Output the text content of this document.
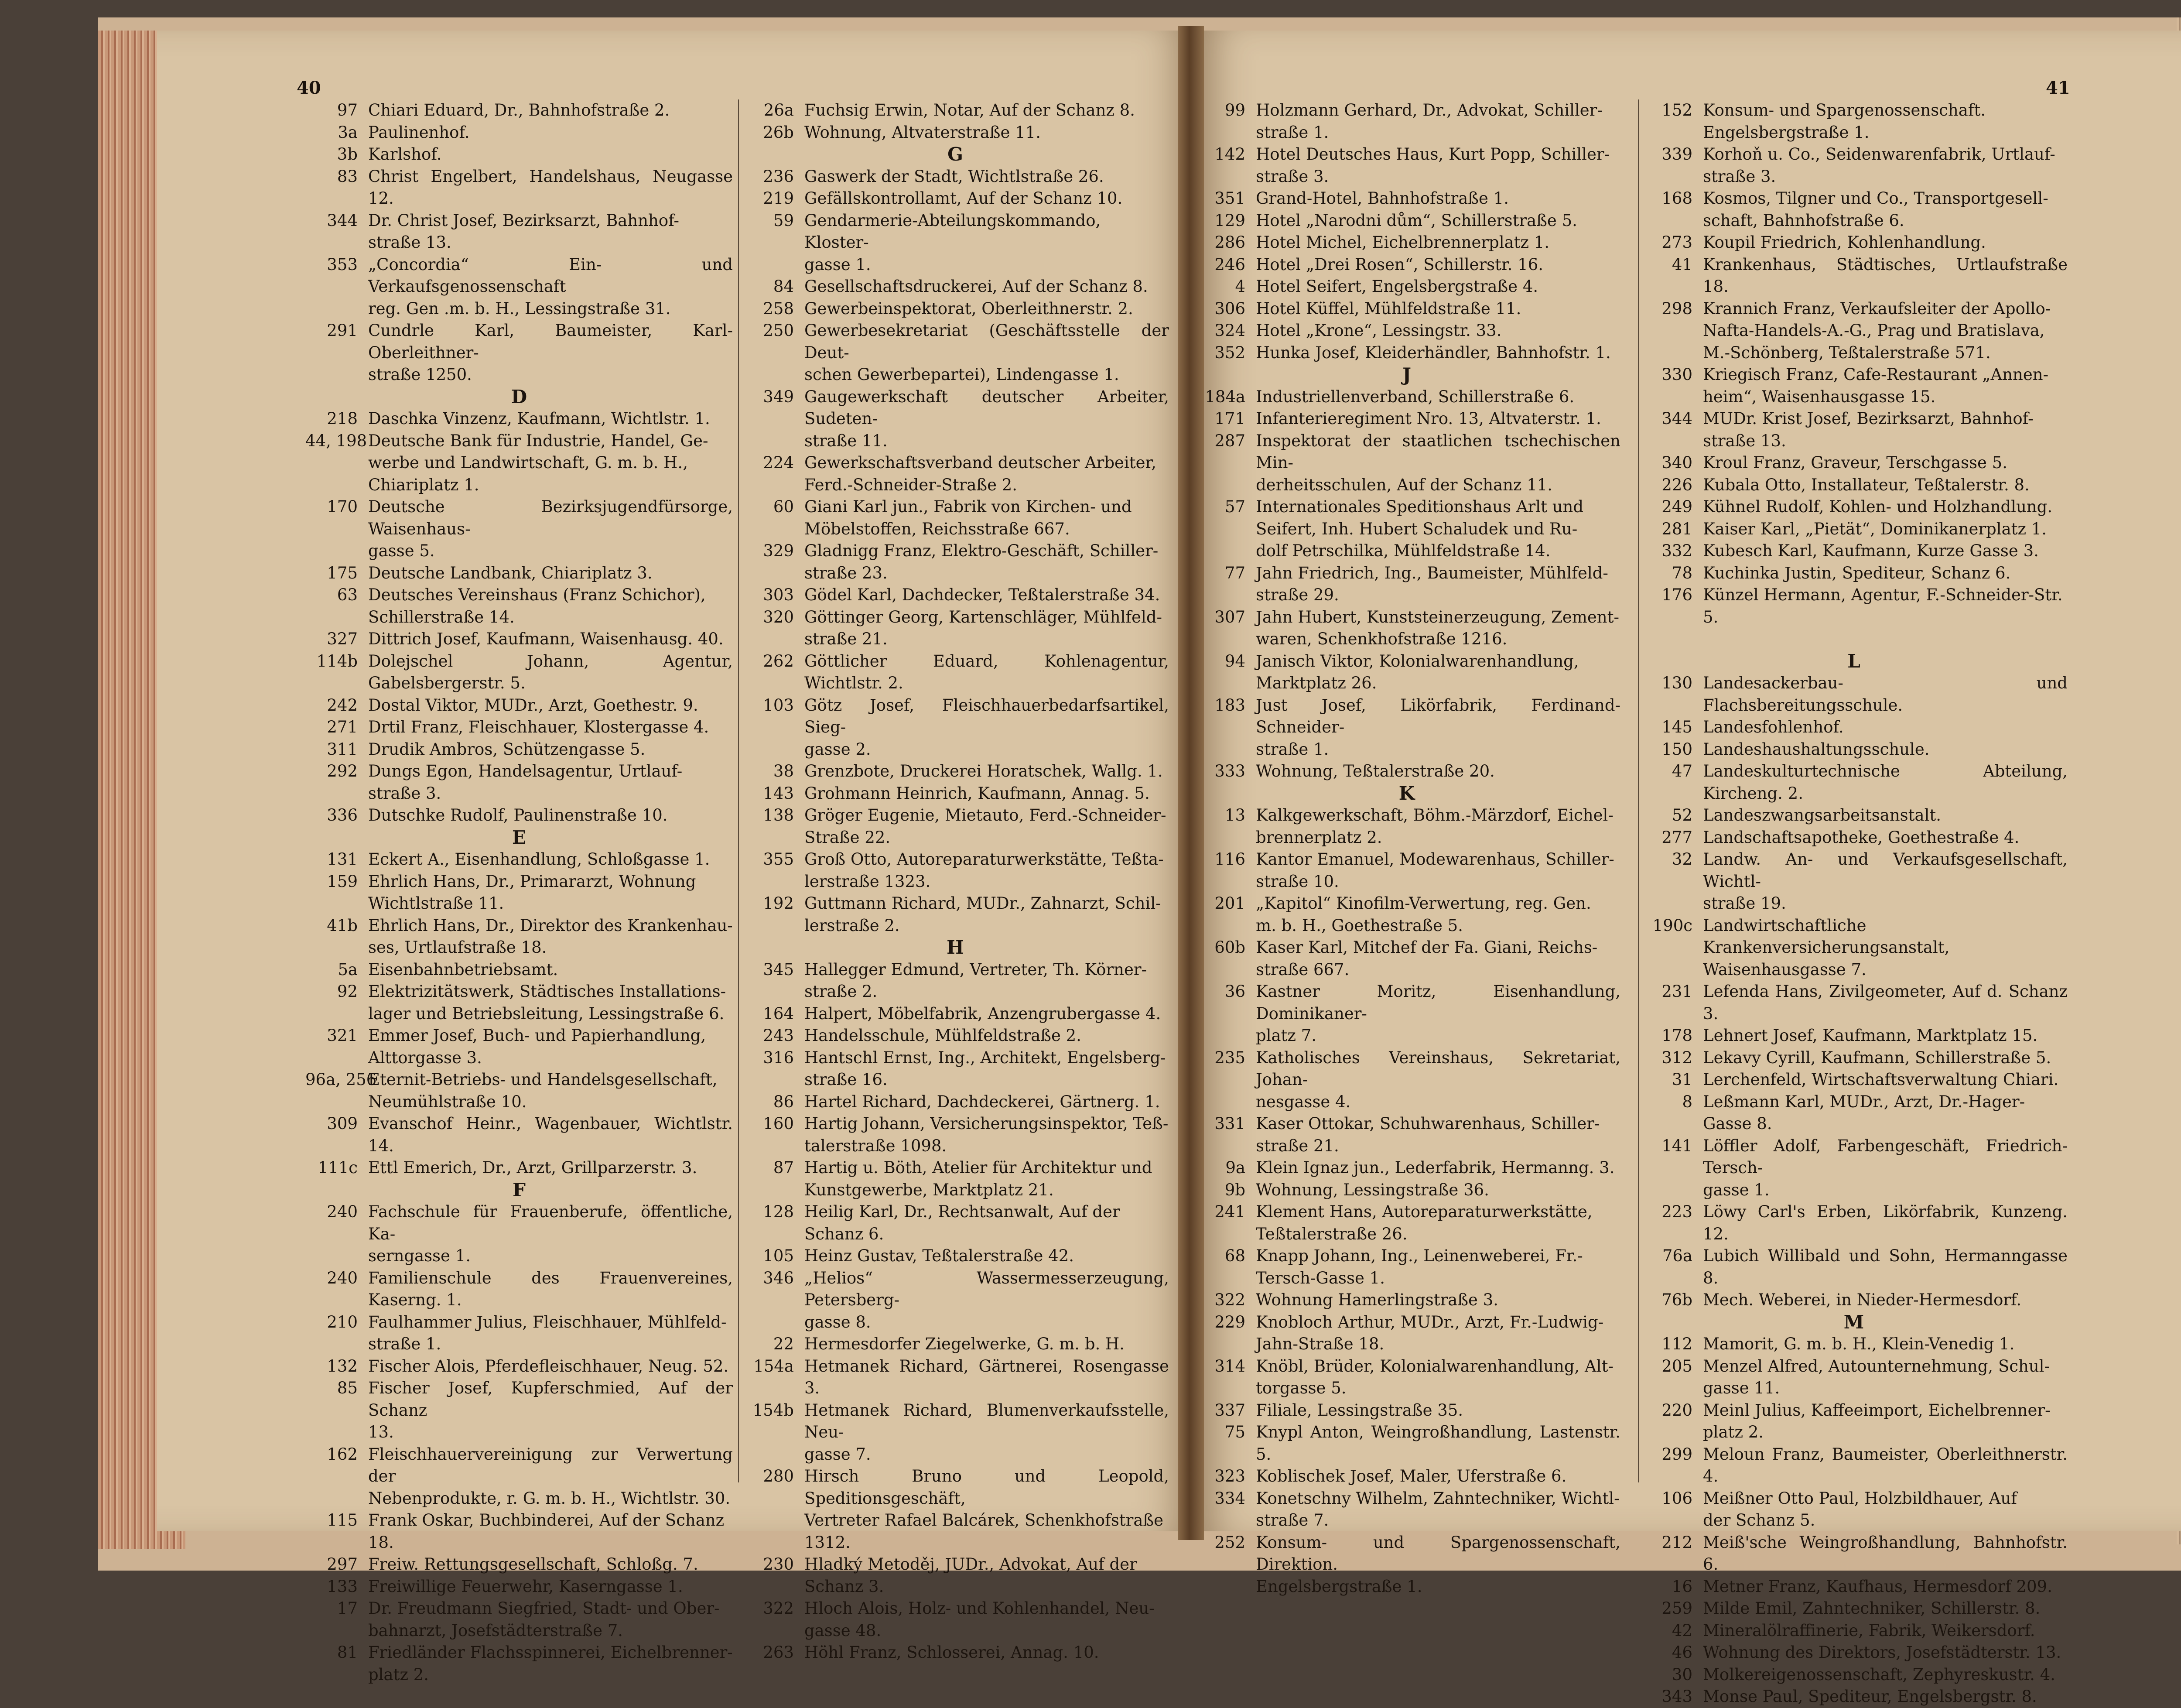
40	41
97 Chiari Eduard, Dr., Bahnhofstraße 2.
3a Paulinenhof.
3b Karlshof.
83 Christ Engelbert, Handelshaus, Neugasse 12.
344 Dr. Christ Josef, Bezirksarzt, Bahnhof-
straße 13.
353 „Concordia“ Ein- und Verkaufsgenossenschaft
reg. Gen .m. b. H., Lessingstraße 31.
291 Cundrle Karl, Baumeister, Karl-Oberleithner-
straße 1250.
D
218 Daschka Vinzenz, Kaufmann, Wichtlstr. 1.
44, 198 Deutsche Bank für Industrie, Handel, Ge-
werbe und Landwirtschaft, G. m. b. H.,
Chiariplatz 1.
170 Deutsche Bezirksjugendfürsorge, Waisenhaus-
gasse 5.
175 Deutsche Landbank, Chiariplatz 3.
63 Deutsches Vereinshaus (Franz Schichor),
Schillerstraße 14.
327 Dittrich Josef, Kaufmann, Waisenhausg. 40.
114b Dolejschel Johann, Agentur, Gabelsbergerstr. 5.
242 Dostal Viktor, MUDr., Arzt, Goethestr. 9.
271 Drtil Franz, Fleischhauer, Klostergasse 4.
311 Drudik Ambros, Schützengasse 5.
292 Dungs Egon, Handelsagentur, Urtlauf-
straße 3.
336 Dutschke Rudolf, Paulinenstraße 10.
E
131 Eckert A., Eisenhandlung, Schloßgasse 1.
159 Ehrlich Hans, Dr., Primararzt, Wohnung
Wichtlstraße 11.
41b Ehrlich Hans, Dr., Direktor des Krankenhau-
ses, Urtlaufstraße 18.
5a Eisenbahnbetriebsamt.
92 Elektrizitätswerk, Städtisches Installations-
lager und Betriebsleitung, Lessingstraße 6.
321 Emmer Josef, Buch- und Papierhandlung,
Alttorgasse 3.
96a, 256
Eternit-Betriebs- und Handelsgesellschaft,
Neumühlstraße 10.
309 Evanschof Heinr., Wagenbauer, Wichtlstr. 14.
111c Ettl Emerich, Dr., Arzt, Grillparzerstr. 3.
F
240 Fachschule für Frauenberufe, öffentliche, Ka-
serngasse 1.
240 Familienschule des Frauenvereines, Kaserng. 1.
210 Faulhammer Julius, Fleischhauer, Mühlfeld-
straße 1.
132 Fischer Alois, Pferdefleischhauer, Neug. 52.
85 Fischer Josef, Kupferschmied, Auf der Schanz
13.
162 Fleischhauervereinigung zur Verwertung der
Nebenprodukte, r. G. m. b. H., Wichtlstr. 30.
115 Frank Oskar, Buchbinderei, Auf der Schanz
18.
297 Freiw. Rettungsgesellschaft, Schloßg. 7.
133 Freiwillige Feuerwehr, Kaserngasse 1.
17 Dr. Freudmann Siegfried, Stadt- und Ober-
bahnarzt, Josefstädterstraße 7.
81 Friedländer Flachsspinnerei, Eichelbrenner-
platz 2.
26a Fuchsig Erwin, Notar, Auf der Schanz 8.
26b Wohnung, Altvaterstraße 11.
G
236 Gaswerk der Stadt, Wichtlstraße 26.
219 Gefällskontrollamt, Auf der Schanz 10.
59 Gendarmerie-Abteilungskommando, Kloster-
gasse 1.
84 Gesellschaftsdruckerei, Auf der Schanz 8.
258 Gewerbeinspektorat, Oberleithnerstr. 2.
250 Gewerbesekretariat (Geschäftsstelle der Deut-
schen Gewerbepartei), Lindengasse 1.
349 Gaugewerkschaft deutscher Arbeiter, Sudeten-
straße 11.
224 Gewerkschaftsverband deutscher Arbeiter,
Ferd.-Schneider-Straße 2.
60 Giani Karl jun., Fabrik von Kirchen- und
Möbelstoffen, Reichsstraße 667.
329 Gladnigg Franz, Elektro-Geschäft, Schiller-
straße 23.
303 Gödel Karl, Dachdecker, Teßtalerstraße 34.
320 Göttinger Georg, Kartenschläger, Mühlfeld-
straße 21.
262 Göttlicher Eduard, Kohlenagentur, Wichtlstr. 2.
103 Götz Josef, Fleischhauerbedarfsartikel, Sieg-
gasse 2.
38 Grenzbote, Druckerei Horatschek, Wallg. 1.
143 Grohmann Heinrich, Kaufmann, Annag. 5.
138 Gröger Eugenie, Mietauto, Ferd.-Schneider-
Straße 22.
355 Groß Otto, Autoreparaturwerkstätte, Teßta-
lerstraße 1323.
192 Guttmann Richard, MUDr., Zahnarzt, Schil-
lerstraße 2.
H
345 Hallegger Edmund, Vertreter, Th. Körner-
straße 2.
164 Halpert, Möbelfabrik, Anzengrubergasse 4.
243 Handelsschule, Mühlfeldstraße 2.
316 Hantschl Ernst, Ing., Architekt, Engelsberg-
straße 16.
86 Hartel Richard, Dachdeckerei, Gärtnerg. 1.
160 Hartig Johann, Versicherungsinspektor, Teß-
talerstraße 1098.
87 Hartig u. Böth, Atelier für Architektur und
Kunstgewerbe, Marktplatz 21.
128 Heilig Karl, Dr., Rechtsanwalt, Auf der
Schanz 6.
105 Heinz Gustav, Teßtalerstraße 42.
346 „Helios“ Wassermesserzeugung, Petersberg-
gasse 8.
22 Hermesdorfer Ziegelwerke, G. m. b. H.
154a Hetmanek Richard, Gärtnerei, Rosengasse 3.
154b Hetmanek Richard, Blumenverkaufsstelle, Neu-
gasse 7.
280 Hirsch Bruno und Leopold, Speditionsgeschäft,
Vertreter Rafael Balcárek, Schenkhofstraße
1312.
230 Hladký Metoděj, JUDr., Advokat, Auf der
Schanz 3.
322 Hloch Alois, Holz- und Kohlenhandel, Neu-
gasse 48.
263 Höhl Franz, Schlosserei, Annag. 10.
99 Holzmann Gerhard, Dr., Advokat, Schiller-
straße 1.
142 Hotel Deutsches Haus, Kurt Popp, Schiller-
straße 3.
351 Grand-Hotel, Bahnhofstraße 1.
129 Hotel „Narodni dům“, Schillerstraße 5.
286 Hotel Michel, Eichelbrennerplatz 1.
246 Hotel „Drei Rosen“, Schillerstr. 16.
4 Hotel Seifert, Engelsbergstraße 4.
306 Hotel Küffel, Mühlfeldstraße 11.
324 Hotel „Krone“, Lessingstr. 33.
352 Hunka Josef, Kleiderhändler, Bahnhofstr. 1.
J
184a Industriellenverband, Schillerstraße 6.
171 Infanterieregiment Nro. 13, Altvaterstr. 1.
287 Inspektorat der staatlichen tschechischen Min-
derheitsschulen, Auf der Schanz 11.
57 Internationales Speditionshaus Arlt und
Seifert, Inh. Hubert Schaludek und Ru-
dolf Petrschilka, Mühlfeldstraße 14.
77 Jahn Friedrich, Ing., Baumeister, Mühlfeld-
straße 29.
307 Jahn Hubert, Kunststeinerzeugung, Zement-
waren, Schenkhofstraße 1216.
94 Janisch Viktor, Kolonialwarenhandlung,
Marktplatz 26.
183 Just Josef, Likörfabrik, Ferdinand-Schneider-
straße 1.
333 Wohnung, Teßtalerstraße 20.
K
13 Kalkgewerkschaft, Böhm.-Märzdorf, Eichel-
brennerplatz 2.
116 Kantor Emanuel, Modewarenhaus, Schiller-
straße 10.
201 „Kapitol“ Kinofilm-Verwertung, reg. Gen.
m. b. H., Goethestraße 5.
60b Kaser Karl, Mitchef der Fa. Giani, Reichs-
straße 667.
36 Kastner Moritz, Eisenhandlung, Dominikaner-
platz 7.
235 Katholisches Vereinshaus, Sekretariat, Johan-
nesgasse 4.
331 Kaser Ottokar, Schuhwarenhaus, Schiller-
straße 21.
9a Klein Ignaz jun., Lederfabrik, Hermanng. 3.
9b Wohnung, Lessingstraße 36.
241 Klement Hans, Autoreparaturwerkstätte,
Teßtalerstraße 26.
68 Knapp Johann, Ing., Leinenweberei, Fr.-
Tersch-Gasse 1.
322 Wohnung Hamerlingstraße 3.
229 Knobloch Arthur, MUDr., Arzt, Fr.-Ludwig-
Jahn-Straße 18.
314 Knöbl, Brüder, Kolonialwarenhandlung, Alt-
torgasse 5.
337 Filiale, Lessingstraße 35.
75 Knypl Anton, Weingroßhandlung, Lastenstr. 5.
323 Koblischek Josef, Maler, Uferstraße 6.
334 Konetschny Wilhelm, Zahntechniker, Wichtl-
straße 7.
252 Konsum- und Spargenossenschaft, Direktion.
Engelsbergstraße 1.
152 Konsum- und Spargenossenschaft.
Engelsbergstraße 1.
339 Korhoň u. Co., Seidenwarenfabrik, Urtlauf-
straße 3.
168 Kosmos, Tilgner und Co., Transportgesell-
schaft, Bahnhofstraße 6.
273 Koupil Friedrich, Kohlenhandlung.
41 Krankenhaus, Städtisches, Urtlaufstraße 18.
298 Krannich Franz, Verkaufsleiter der Apollo-
Nafta-Handels-A.-G., Prag und Bratislava,
M.-Schönberg, Teßtalerstraße 571.
330 Kriegisch Franz, Cafe-Restaurant „Annen-
heim“, Waisenhausgasse 15.
344 MUDr. Krist Josef, Bezirksarzt, Bahnhof-
straße 13.
340 Kroul Franz, Graveur, Terschgasse 5.
226 Kubala Otto, Installateur, Teßtalerstr. 8.
249 Kühnel Rudolf, Kohlen- und Holzhandlung.
281 Kaiser Karl, „Pietät“, Dominikanerplatz 1.
332 Kubesch Karl, Kaufmann, Kurze Gasse 3.
78 Kuchinka Justin, Spediteur, Schanz 6.
176 Künzel Hermann, Agentur, F.-Schneider-Str.
5.
L
130 Landesackerbau- und Flachsbereitungsschule.
145 Landesfohlenhof.
150 Landeshaushaltungsschule.
47 Landeskulturtechnische Abteilung, Kircheng. 2.
52 Landeszwangsarbeitsanstalt.
277 Landschaftsapotheke, Goethestraße 4.
32 Landw. An- und Verkaufsgesellschaft, Wichtl-
straße 19.
190c Landwirtschaftliche Krankenversicherungsanstalt,
Waisenhausgasse 7.
231 Lefenda Hans, Zivilgeometer, Auf d. Schanz 3.
178 Lehnert Josef, Kaufmann, Marktplatz 15.
312 Lekavy Cyrill, Kaufmann, Schillerstraße 5.
31 Lerchenfeld, Wirtschaftsverwaltung Chiari.
8 Leßmann Karl, MUDr., Arzt, Dr.-Hager-
Gasse 8.
141 Löffler Adolf, Farbengeschäft, Friedrich-Tersch-
gasse 1.
223 Löwy Carl's Erben, Likörfabrik, Kunzeng. 12.
76a Lubich Willibald und Sohn, Hermanngasse 8.
76b Mech. Weberei, in Nieder-Hermesdorf.
M
112 Mamorit, G. m. b. H., Klein-Venedig 1.
205 Menzel Alfred, Autounternehmung, Schul-
gasse 11.
220 Meinl Julius, Kaffeeimport, Eichelbrenner-
platz 2.
299 Meloun Franz, Baumeister, Oberleithnerstr. 4.
106 Meißner Otto Paul, Holzbildhauer, Auf
der Schanz 5.
212 Meiß'sche Weingroßhandlung, Bahnhofstr. 6.
16 Metner Franz, Kaufhaus, Hermesdorf 209.
259 Milde Emil, Zahntechniker, Schillerstr. 8.
42 Mineralölraffinerie, Fabrik, Weikersdorf.
46 Wohnung des Direktors, Josefstädterstr. 13.
30 Molkereigenossenschaft, Zephyreskustr. 4.
343 Monse Paul, Spediteur, Engelsbergstr. 8.
